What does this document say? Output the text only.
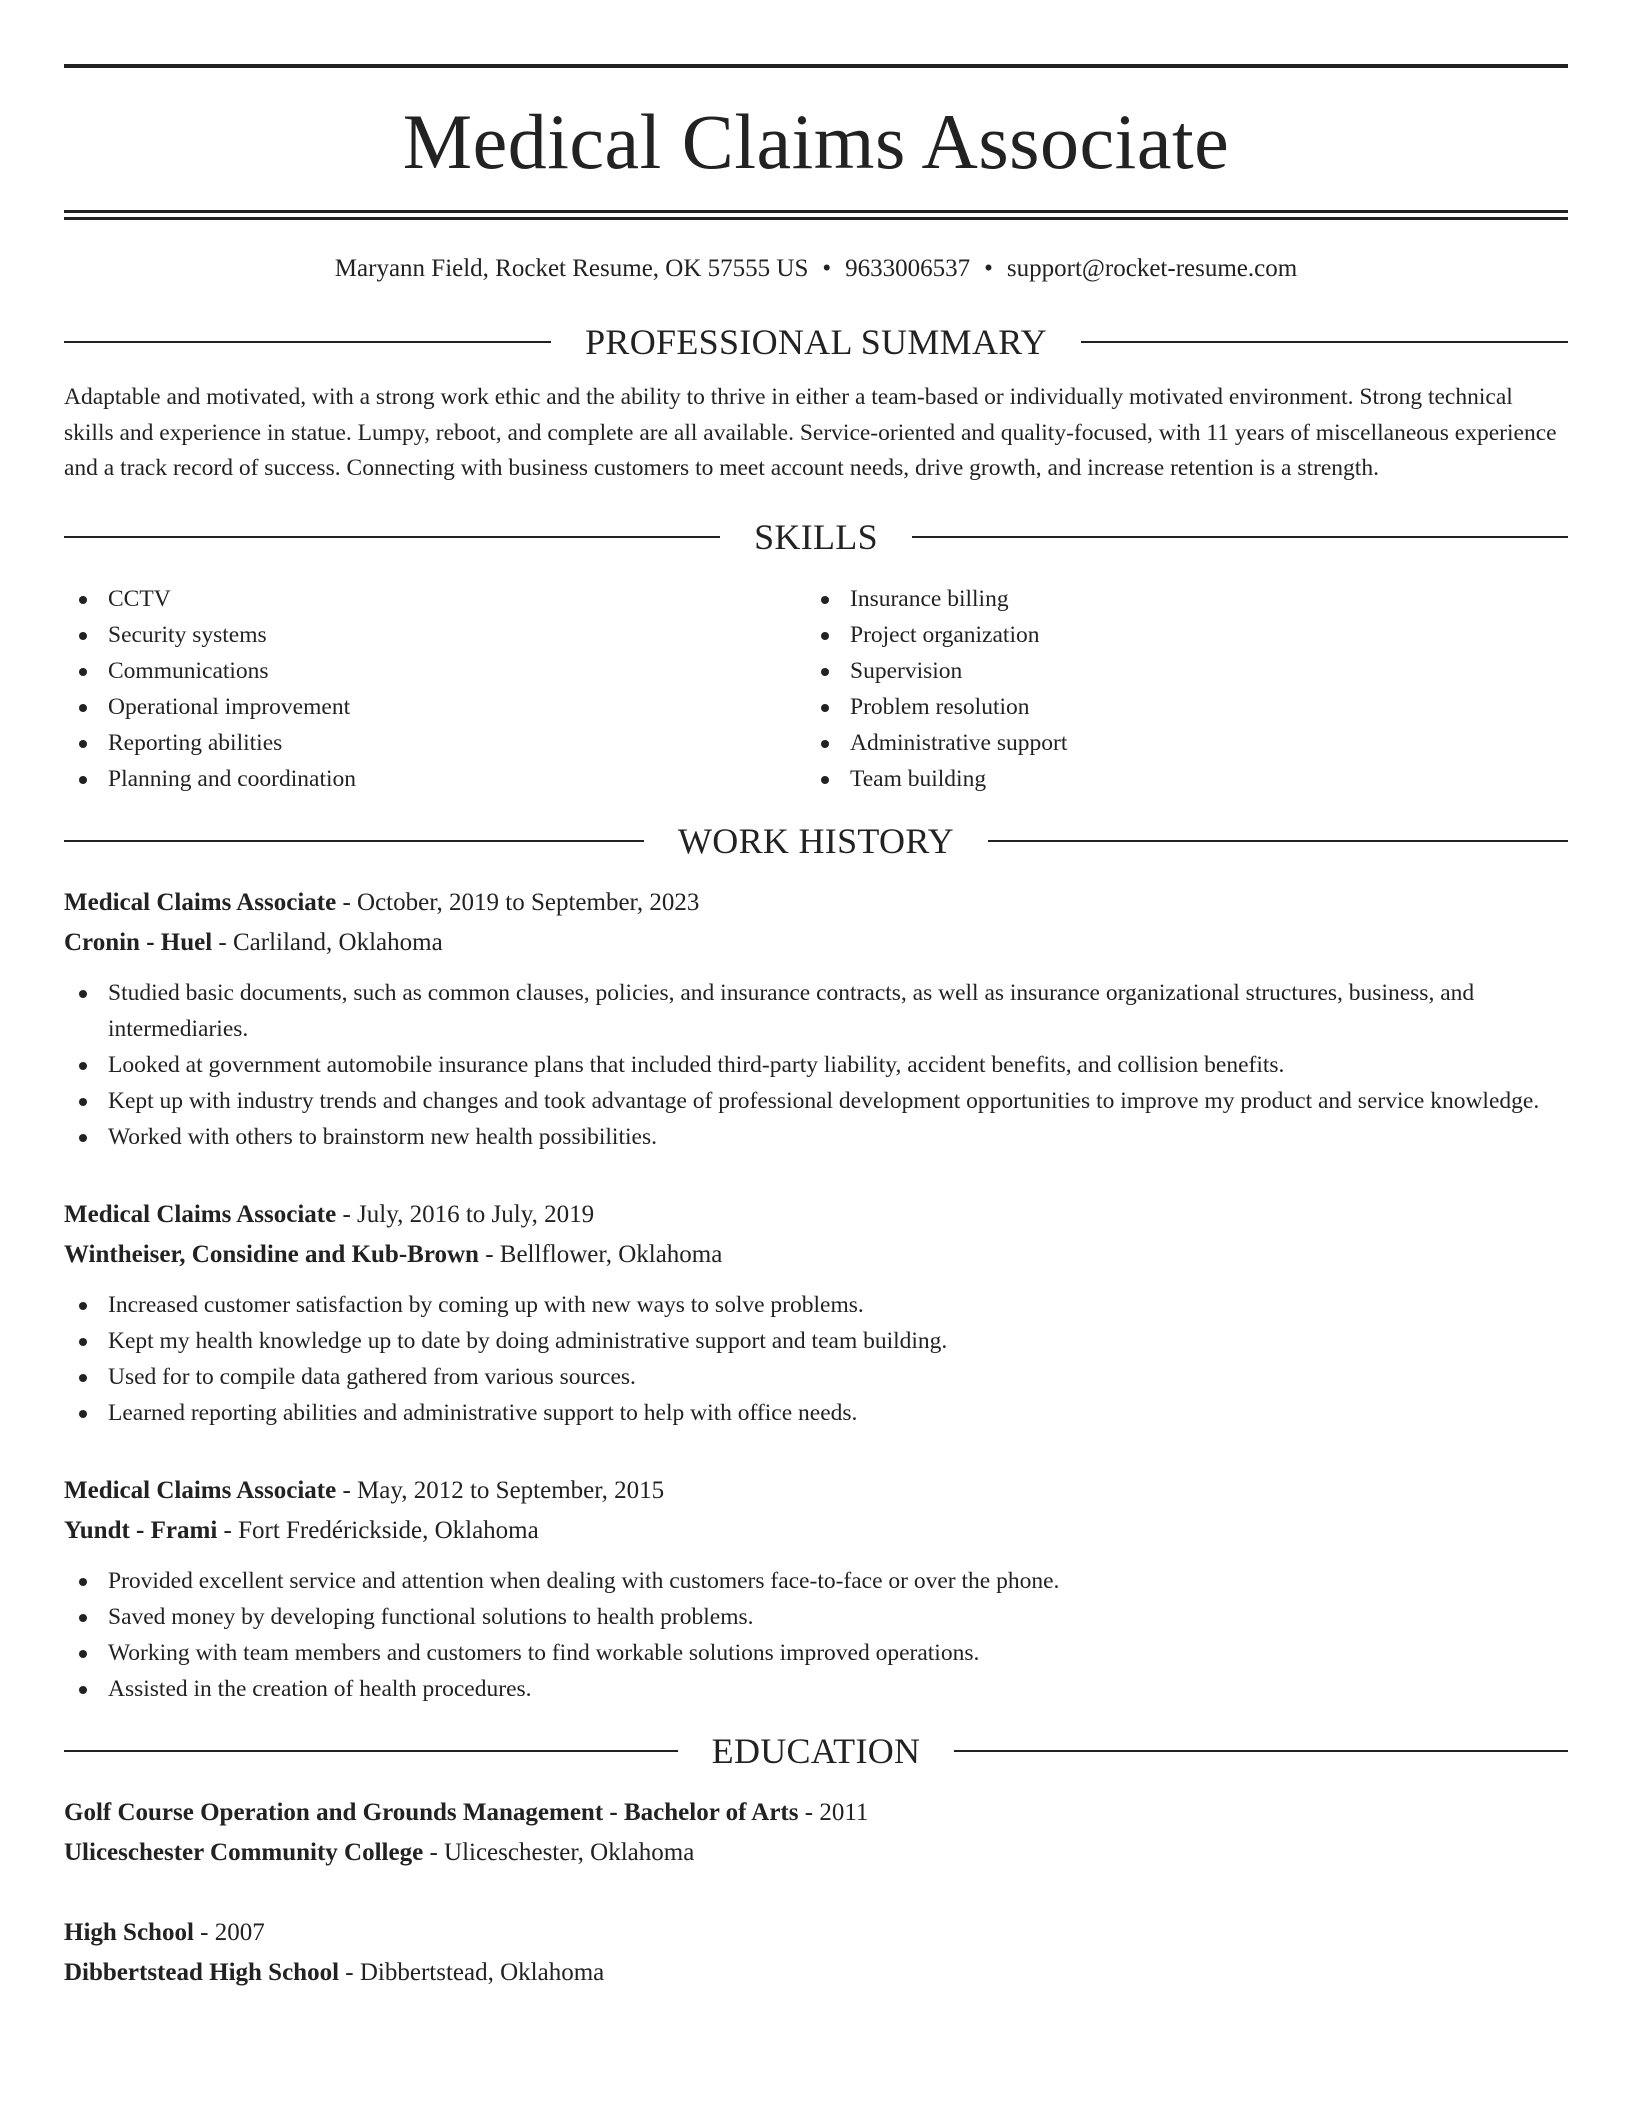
Medical Claims Associate
Maryann Field, Rocket Resume, OK 57555 US • 9633006537 • support@rocket-resume.com
PROFESSIONAL SUMMARY

Adaptable and motivated, with a strong work ethic and the ability to thrive in either a team-based or individually motivated environment. Strong technical skills and experience in statue. Lumpy, reboot, and complete are all available. Service-oriented and quality-focused, with 11 years of miscellaneous experience and a track record of success. Connecting with business customers to meet account needs, drive growth, and increase retention is a strength.

SKILLS
CCTV
Security systems
Communications
Operational improvement
Reporting abilities
Planning and coordination
Insurance billing
Project organization
Supervision
Problem resolution
Administrative support
Team building
WORK HISTORY
Medical Claims Associate - October, 2019 to September, 2023
Cronin - Huel - Carliland, Oklahoma
Studied basic documents, such as common clauses, policies, and insurance contracts, as well as insurance organizational structures, business, and intermediaries.
Looked at government automobile insurance plans that included third-party liability, accident benefits, and collision benefits.
Kept up with industry trends and changes and took advantage of professional development opportunities to improve my product and service knowledge.
Worked with others to brainstorm new health possibilities.
Medical Claims Associate - July, 2016 to July, 2019
Wintheiser, Considine and Kub-Brown - Bellflower, Oklahoma
Increased customer satisfaction by coming up with new ways to solve problems.
Kept my health knowledge up to date by doing administrative support and team building.
Used for to compile data gathered from various sources.
Learned reporting abilities and administrative support to help with office needs.
Medical Claims Associate - May, 2012 to September, 2015
Yundt - Frami - Fort Fredérickside, Oklahoma
Provided excellent service and attention when dealing with customers face-to-face or over the phone.
Saved money by developing functional solutions to health problems.
Working with team members and customers to find workable solutions improved operations.
Assisted in the creation of health procedures.
EDUCATION
Golf Course Operation and Grounds Management - Bachelor of Arts - 2011
Uliceschester Community College - Uliceschester, Oklahoma
High School - 2007
Dibbertstead High School - Dibbertstead, Oklahoma
